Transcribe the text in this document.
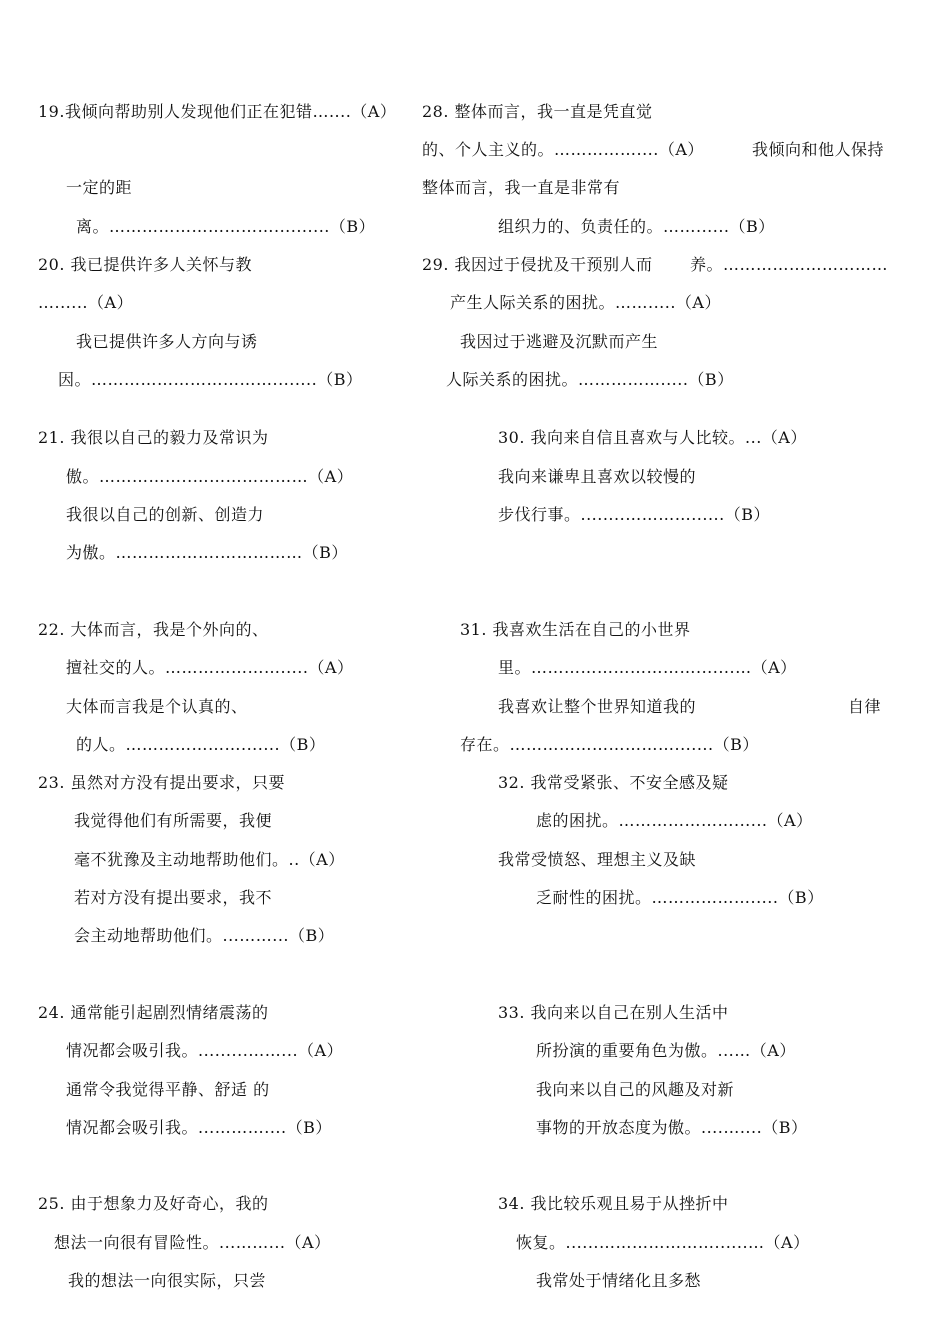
19.我倾向帮助别人发现他们正在犯错…....（A）
一定的距
离。…………………………..........（B）
20. 我已提供许多人关怀与教
…......（A）
我已提供许多人方向与诱
因。……………………………........（B）
21. 我很以自己的毅力及常识为
傲。……………..…………………（A）
我很以自己的创新、创造力
为傲。……………….……………（B）
22. 大体而言，我是个外向的、
擅社交的人。………………….....（A）
大体而言我是个认真的、
的人。………………….......（B）
23. 虽然对方没有提出要求，只要
我觉得他们有所需要，我便
毫不犹豫及主动地帮助他们。..（A）
若对方没有提出要求，我不
会主动地帮助他们。...……...（B）
24. 通常能引起剧烈情绪震荡的
情况都会吸引我。.........……...（A）
通常令我觉得平静、舒适 的
情况都会吸引我。...………....（B）
25. 由于想象力及好奇心，我的
想法一向很有冒险性。...……...（A）
我的想法一向很实际，只尝
28. 整体而言，我一直是凭直觉
的、个人主义的。……………....（A）	我倾向和他人保持
整体而言，我一直是非常有
组织力的、负责任的。……......（B）
29. 我因过于侵扰及干预别人而 养。…………………………
产生人际关系的困扰。…….....（A）
我因过于逃避及沉默而产生
人际关系的困扰。…………….....（B）
30. 我向来自信且喜欢与人比较。...（A）
我向来谦卑且喜欢以较慢的
步伐行事。........…………......（B）
31. 我喜欢生活在自己的小世界
里。………………………….......…（A）
我喜欢让整个世界知道我的	自律
存在。………………………….......（B）
32. 我常受紧张、不安全感及疑
虑的困扰。…………………......（A）
我常受愤怒、理想主义及缺
乏耐性的困扰。……………….....（B）
33. 我向来以自己在别人生活中
所扮演的重要角色为傲。...…（A）
我向来以自己的风趣及对新
事物的开放态度为傲。....…....（B）
34. 我比较乐观且易于从挫折中
恢复。......…………………......…（A）
我常处于情绪化且多愁
